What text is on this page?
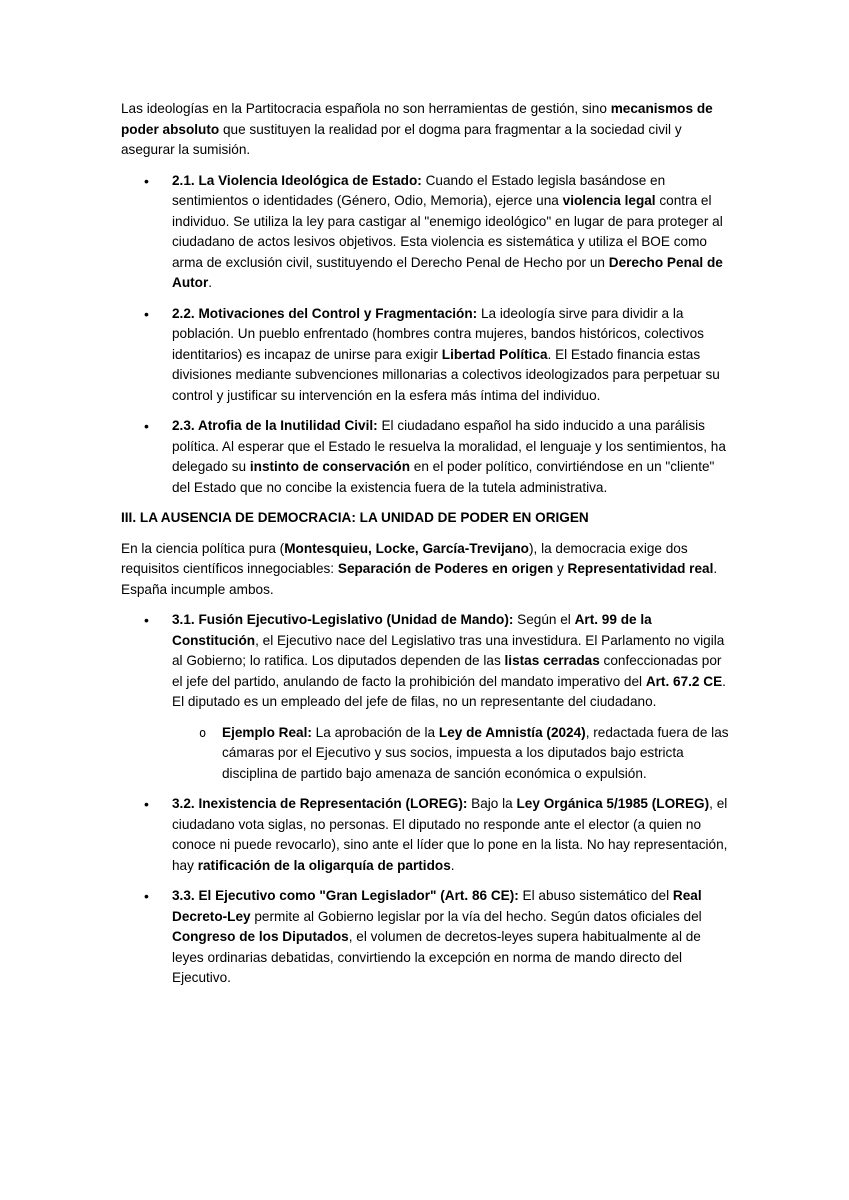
Las ideologías en la Partitocracia española no son herramientas de gestión, sino mecanismos de poder absoluto que sustituyen la realidad por el dogma para fragmentar a la sociedad civil y asegurar la sumisión.

• 2.1. La Violencia Ideológica de Estado: Cuando el Estado legisla basándose en sentimientos o identidades (Género, Odio, Memoria), ejerce una violencia legal contra el individuo. Se utiliza la ley para castigar al "enemigo ideológico" en lugar de para proteger al ciudadano de actos lesivos objetivos. Esta violencia es sistemática y utiliza el BOE como arma de exclusión civil, sustituyendo el Derecho Penal de Hecho por un Derecho Penal de Autor.
• 2.2. Motivaciones del Control y Fragmentación: La ideología sirve para dividir a la población. Un pueblo enfrentado (hombres contra mujeres, bandos históricos, colectivos identitarios) es incapaz de unirse para exigir Libertad Política. El Estado financia estas divisiones mediante subvenciones millonarias a colectivos ideologizados para perpetuar su control y justificar su intervención en la esfera más íntima del individuo.
• 2.3. Atrofia de la Inutilidad Civil: El ciudadano español ha sido inducido a una parálisis política. Al esperar que el Estado le resuelva la moralidad, el lenguaje y los sentimientos, ha delegado su instinto de conservación en el poder político, convirtiéndose en un "cliente" del Estado que no concibe la existencia fuera de la tutela administrativa.
III. LA AUSENCIA DE DEMOCRACIA: LA UNIDAD DE PODER EN ORIGEN

En la ciencia política pura (Montesquieu, Locke, García-Trevijano), la democracia exige dos requisitos científicos innegociables: Separación de Poderes en origen y Representatividad real. España incumple ambos.

• 3.1. Fusión Ejecutivo-Legislativo (Unidad de Mando): Según el Art. 99 de la Constitución, el Ejecutivo nace del Legislativo tras una investidura. El Parlamento no vigila al Gobierno; lo ratifica. Los diputados dependen de las listas cerradas confeccionadas por el jefe del partido, anulando de facto la prohibición del mandato imperativo del Art. 67.2 CE. El diputado es un empleado del jefe de filas, no un representante del ciudadano.
o Ejemplo Real: La aprobación de la Ley de Amnistía (2024), redactada fuera de las cámaras por el Ejecutivo y sus socios, impuesta a los diputados bajo estricta disciplina de partido bajo amenaza de sanción económica o expulsión.
• 3.2. Inexistencia de Representación (LOREG): Bajo la Ley Orgánica 5/1985 (LOREG), el ciudadano vota siglas, no personas. El diputado no responde ante el elector (a quien no conoce ni puede revocarlo), sino ante el líder que lo pone en la lista. No hay representación, hay ratificación de la oligarquía de partidos.
• 3.3. El Ejecutivo como "Gran Legislador" (Art. 86 CE): El abuso sistemático del Real Decreto-Ley permite al Gobierno legislar por la vía del hecho. Según datos oficiales del Congreso de los Diputados, el volumen de decretos-leyes supera habitualmente al de leyes ordinarias debatidas, convirtiendo la excepción en norma de mando directo del Ejecutivo.
